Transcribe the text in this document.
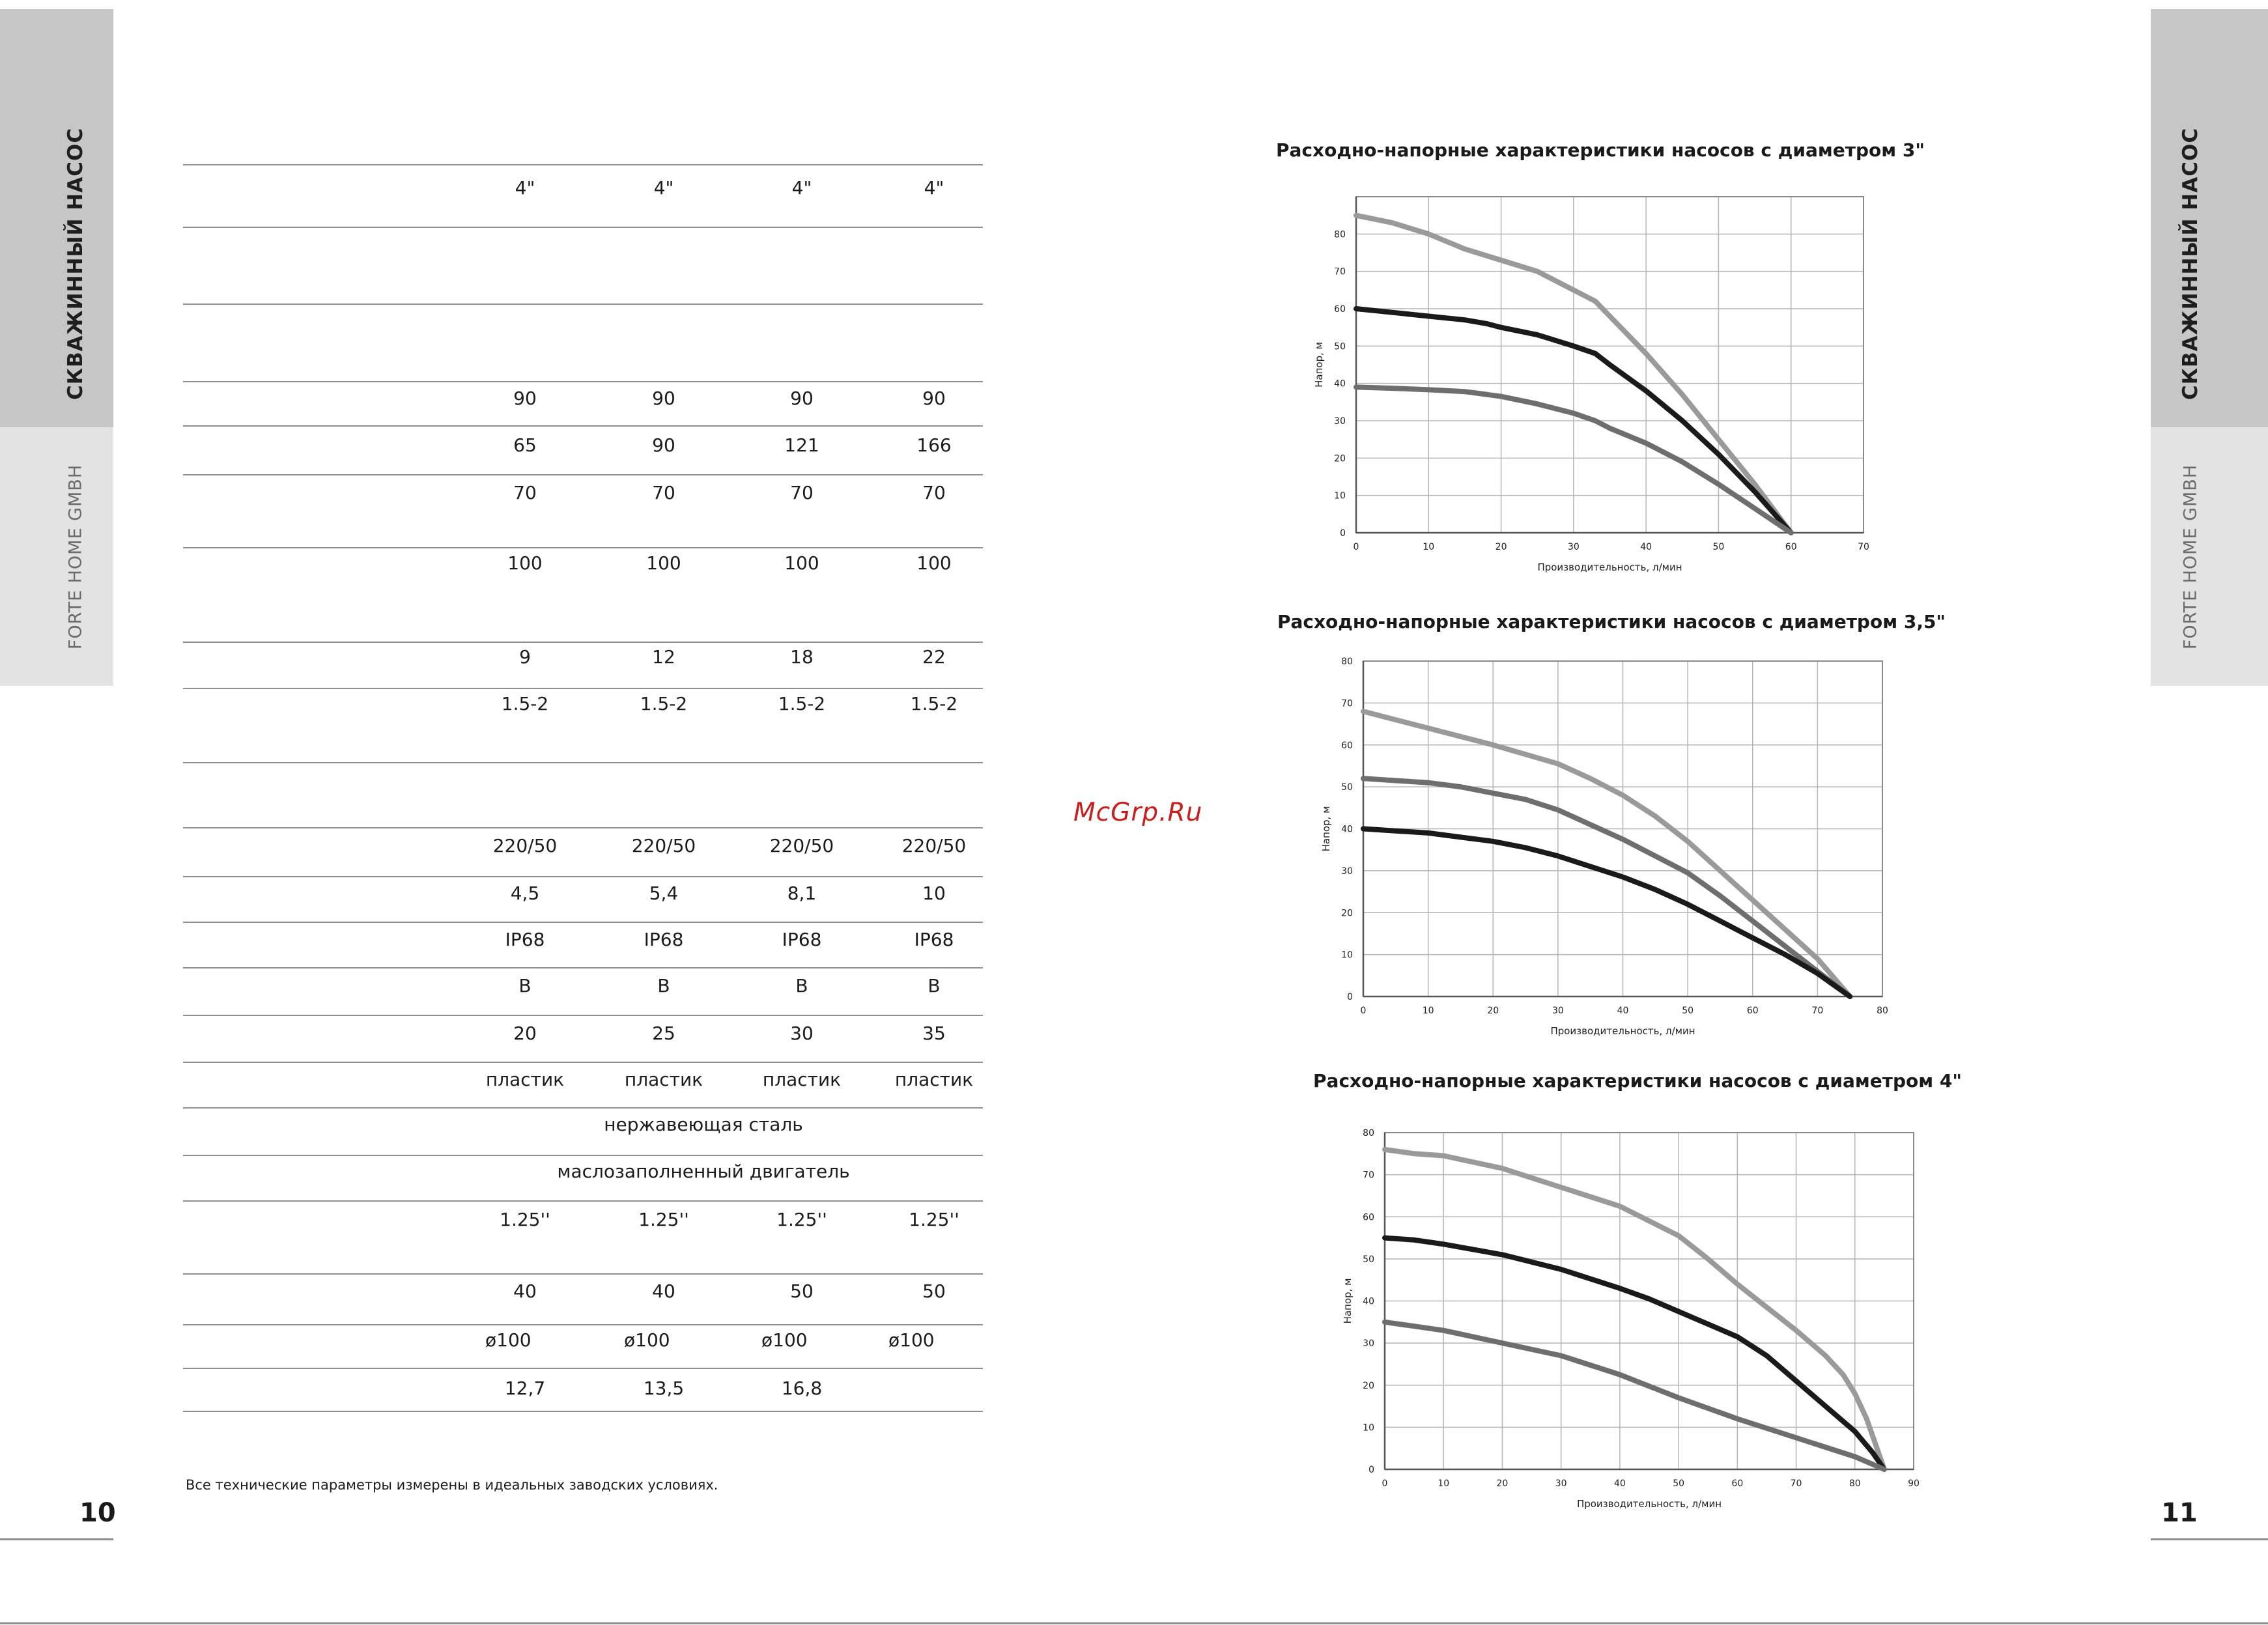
СКВАЖИННЫЙ НАСОС
FORTE HOME GMBH
10
СКВАЖИННЫЙ НАСОС
FORTE HOME GMBH
11
4"	4"	4"	4"
90	90	90	90
65	90	121	166
70	70	70	70
100	100	100	100
9	12	18	22
1.5-2	1.5-2	1.5-2	1.5-2
220/50	220/50	220/50	220/50
4,5	5,4	8,1	10
IP68	IP68	IP68	IP68
B	B	B	B
20	25	30	35
пластик	пластик	пластик	пластик
нержавеющая сталь
маслозаполненный двигатель
1.25''	1.25''	1.25''	1.25''
40	40	50	50
ø100	ø100	ø100	ø100
12,7	13,5	16,8
Все технические параметры измерены в идеальных заводских условиях.
McGrp.Ru
Расходно-напорные характеристики насосов с диаметром 3"
0	10	20	30	40	50	60	70
0
10
20
30
40
50
60
70
80
Производительность, л/мин
Напор, м
Расходно-напорные характеристики насосов с диаметром 3,5"
0	10	20	30	40	50	60	70	80
0
10
20
30
40
50
60
70
80
Производительность, л/мин
Напор, м
Расходно-напорные характеристики насосов с диаметром 4"
0	10	20	30	40	50	60	70	80	90
0
10
20
30
40
50
60
70
80
Производительность, л/мин
Напор, м
